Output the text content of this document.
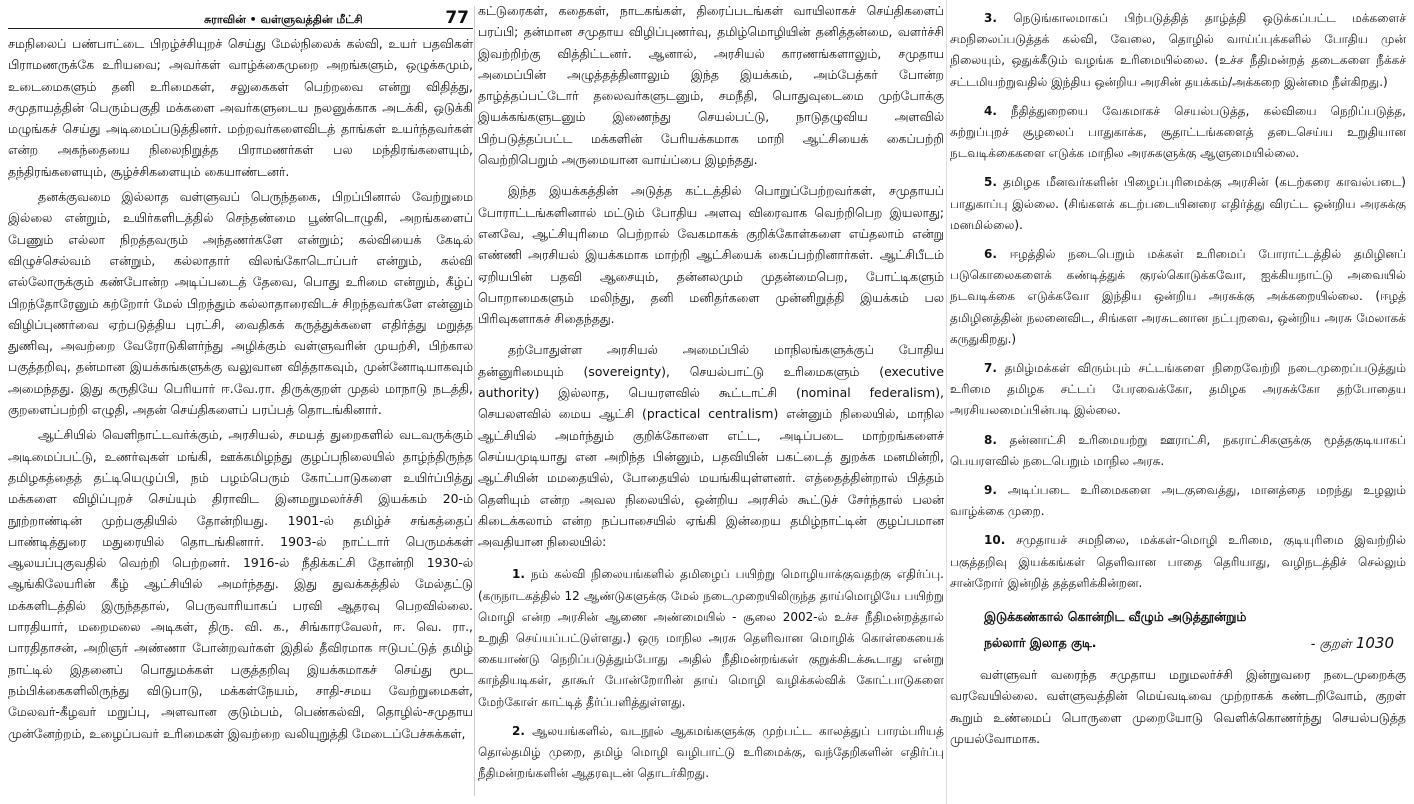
சுராவின் • வள்ளுவத்தின் மீட்சி	77

சமநிலைப் பண்பாட்டை பிறழ்ச்சியுறச் செய்து மேல்நிலைக் கல்வி, உயர் பதவிகள் பிராமணருக்கே உரியவை; அவர்கள் வாழ்க்கைமுறை அறங்களும், ஒழுக்கமும், உடைமைகளும் தனி உரிமைகள், சலுகைகள் பெற்றவை என்று விதித்து, சமுதாயத்தின் பெரும்பகுதி மக்களை அவர்களுடைய நலனுக்காக அடக்கி, ஒடுக்கி மழுங்கச் செய்து அடிமைப்படுத்தினர். மற்றவர்களைவிடத் தாங்கள் உயர்ந்தவர்கள் என்ற அகந்தையை நிலைநிறுத்த பிராமணர்கள் பல மந்திரங்களையும், தந்திரங்களையும், சூழ்ச்சிகளையும் கையாண்டனர்.

தனக்குவமை இல்லாத வள்ளுவப் பெருந்தகை, பிறப்பினால் வேற்றுமை இல்லை என்றும், உயிர்களிடத்தில் செந்தண்மை பூண்டொழுகி, அறங்களைப் பேணும் எல்லா நிறத்தவரும் அந்தணர்களே என்றும்; கல்வியைக் கேடில் விழுச்செல்வம் என்றும், கல்லாதார் விலங்கோடொப்பர் என்றும், கல்வி எல்லோருக்கும் கண்போன்ற அடிப்படைத் தேவை, பொது உரிமை என்றும், கீழ்ப் பிறந்தோரேனும் கற்றோர் மேல் பிறந்தும் கல்லாதாரைவிடச் சிறந்தவர்களே என்னும் விழிப்புணர்வை ஏற்படுத்திய புரட்சி, வைதிகக் கருத்துக்களை எதிர்த்து மறுத்த துணிவு, அவற்றை வேரோடுகிளர்ந்து அழிக்கும் வள்ளுவரின் முயற்சி, பிற்கால பகுத்தறிவு, தன்மான இயக்கங்களுக்கு வலுவான வித்தாகவும், முன்னோடியாகவும் அமைந்தது. இது கருதியே பெரியார் ஈ.வே.ரா. திருக்குறள் முதல் மாநாடு நடத்தி, குறளைப்பற்றி எழுதி, அதன் செய்திகளைப் பரப்பத் தொடங்கினார்.

ஆட்சியில் வெளிநாட்டவர்க்கும், அரசியல், சமயத் துறைகளில் வடவருக்கும் அடிமைப்பட்டு, உணர்வுகள் மங்கி, ஊக்கமிழந்து குழப்பநிலையில் தாழ்ந்திருந்த தமிழகத்தைத் தட்டியெழுப்பி, நம் பழம்பெரும் கோட்பாடுகளை உயிர்ப்பித்து மக்களை விழிப்புறச் செய்யும் திராவிட இனமறுமலர்ச்சி இயக்கம் 20-ம் நூற்றாண்டின் முற்பகுதியில் தோன்றியது. 1901-ல் தமிழ்ச் சங்கத்தைப் பாண்டித்துரை மதுரையில் தொடங்கினார். 1903-ல் நாட்டார் பெருமக்கள் ஆலயப்புகுவதில் வெற்றி பெற்றனர். 1916-ல் நீதிக்கட்சி தோன்றி 1930-ல் ஆங்கிலேயரின் கீழ் ஆட்சியில் அமர்ந்தது. இது துவக்கத்தில் மேல்தட்டு மக்களிடத்தில் இருந்ததால், பெருவாரியாகப் பரவி ஆதரவு பெறவில்லை. பாரதியார், மறைமலை அடிகள், திரு. வி. க., சிங்காரவேலர், ஈ. வெ. ரா., பாரதிதாசன், அறிஞர் அண்ணா போன்றவர்கள் இதில் தீவிரமாக ஈடுபட்டுத் தமிழ் நாட்டில் இதனைப் பொதுமக்கள் பகுத்தறிவு இயக்கமாகச் செய்து மூட நம்பிக்கைகளிலிருந்து விடுபாடு, மக்கள்நேயம், சாதி-சமய வேற்றுமைகள், மேலவர்-கீழவர் மறுப்பு, அளவான குடும்பம், பெண்கல்வி, தொழில்-சமுதாய முன்னேற்றம், உழைப்பவர் உரிமைகள் இவற்றை வலியுறுத்தி மேடைப்பேச்சுக்கள்,

கட்டுரைகள், கதைகள், நாடகங்கள், திரைப்படங்கள் வாயிலாகச் செய்திகளைப் பரப்பி; தன்மான சமுதாய விழிப்புணர்வு, தமிழ்மொழியின் தனித்தன்மை, வளர்ச்சி இவற்றிற்கு வித்திட்டனர். ஆனால், அரசியல் காரணங்களாலும், சமுதாய அமைப்பின் அழுத்தத்தினாலும் இந்த இயக்கம், அம்பேத்கர் போன்ற தாழ்த்தப்பட்டோர் தலைவர்களுடனும், சமநீதி, பொதுவுடைமை முற்போக்கு இயக்கங்களுடனும் இணைந்து செயல்பட்டு, நாடுதழுவிய அளவில் பிற்படுத்தப்பட்ட மக்களின் பேரியக்கமாக மாறி ஆட்சியைக் கைப்பற்றி வெற்றிபெறும் அருமையான வாய்ப்பை இழந்தது.

இந்த இயக்கத்தின் அடுத்த கட்டத்தில் பொறுப்பேற்றவர்கள், சமுதாயப் போராட்டங்களினால் மட்டும் போதிய அளவு விரைவாக வெற்றிபெற இயலாது; எனவே, ஆட்சியுரிமை பெற்றால் வேகமாகக் குறிக்கோள்களை எய்தலாம் என்று எண்ணி அரசியல் இயக்கமாக மாற்றி ஆட்சியைக் கைப்பற்றினார்கள். ஆட்சிபீடம் ஏறியபின் பதவி ஆசையும், தன்னலமும் முதன்மைபெற, போட்டிகளும் பொறாமைகளும் மலிந்து, தனி மனிதர்களை முன்னிறுத்தி இயக்கம் பல பிரிவுகளாகச் சிதைந்தது.

தற்போதுள்ள அரசியல் அமைப்பில் மாநிலங்களுக்குப் போதிய தன்னுரிமையும் (sovereignty), செயல்பாட்டு உரிமைகளும் (executive authority) இல்லாத, பெயரளவில் கூட்டாட்சி (nominal federalism), செயலளவில் மைய ஆட்சி (practical centralism) என்னும் நிலையில், மாநில ஆட்சியில் அமர்ந்தும் குறிக்கோளை எட்ட, அடிப்படை மாற்றங்களைச் செய்யமுடியாது என அறிந்த பின்னும், பதவியின் பகட்டைத் துறக்க மனமின்றி, ஆட்சியின் மமதையில், போதையில் மயங்கியுள்ளனர். எத்தைத்தின்றால் பித்தம் தெளியும் என்ற அவல நிலையில், ஒன்றிய அரசில் கூட்டுச் சேர்ந்தால் பலன் கிடைக்கலாம் என்ற நப்பாசையில் ஏங்கி இன்றைய தமிழ்நாட்டின் குழப்பமான அவதியான நிலையில்:

1. நம் கல்வி நிலையங்களில் தமிழைப் பயிற்று மொழியாக்குவதற்கு எதிர்ப்பு. (கருநாடகத்தில் 12 ஆண்டுகளுக்கு மேல் நடைமுறையிலிருந்த தாய்மொழியே பயிற்று மொழி என்ற அரசின் ஆணை அண்மையில் - சூலை 2002-ல் உச்ச நீதிமன்றத்தால் உறுதி செய்யப்பட்டுள்ளது.) ஒரு மாநில அரசு தெளிவான மொழிக் கொள்கையைக் கையாண்டு நெறிப்படுத்தும்போது அதில் நீதிமன்றங்கள் குறுக்கிடக்கூடாது என்று காந்தியடிகள், தாகூர் போன்றோரின் தாய் மொழி வழிக்கல்விக் கோட்பாடுகளை மேற்கோள் காட்டித் தீர்ப்பளித்துள்ளது.

2. ஆலயங்களில், வடநூல் ஆகமங்களுக்கு முற்பட்ட காலத்துப் பாரம்பரியத் தொல்தமிழ் முறை, தமிழ் மொழி வழிபாட்டு உரிமைக்கு, வந்தேறிகளின் எதிர்ப்பு நீதிமன்றங்களின் ஆதரவுடன் தொடர்கிறது.

3. நெடுங்காலமாகப் பிற்படுத்தித் தாழ்த்தி ஒடுக்கப்பட்ட மக்களைச் சமநிலைப்படுத்தக் கல்வி, வேலை, தொழில் வாய்ப்புக்களில் போதிய முன் நிலையும், ஒதுக்கீடும் வழங்க உரிமையில்லை. (உச்ச நீதிமன்றத் தடைகளை நீக்கச் சட்டமியற்றுவதில் இந்திய ஒன்றிய அரசின் தயக்கம்/அக்கறை இன்மை நீள்கிறது.)

4. நீதித்துறையை வேகமாகச் செயல்படுத்த, கல்வியை நெறிப்படுத்த, சுற்றுப்புறச் சூழலைப் பாதுகாக்க, சூதாட்டங்களைத் தடைசெய்ய உறுதியான நடவடிக்கைகளை எடுக்க மாநில அரசுகளுக்கு ஆளுமையில்லை.

5. தமிழக மீனவர்களின் பிழைப்புரிமைக்கு அரசின் (கடற்கரை காவல்படை) பாதுகாப்பு இல்லை. (சிங்களக் கடற்படையினரை எதிர்த்து விரட்ட ஒன்றிய அரசுக்கு மனமில்லை).

6. ஈழத்தில் நடைபெறும் மக்கள் உரிமைப் போராட்டத்தில் தமிழினப் படுகொலைகளைக் கண்டித்துக் குரல்கொடுக்கவோ, ஐக்கியநாட்டு அவையில் நடவடிக்கை எடுக்கவோ இந்திய ஒன்றிய அரசுக்கு அக்கறையில்லை. (ஈழத் தமிழினத்தின் நலனைவிட, சிங்கள அரசுடனான நட்புறவை, ஒன்றிய அரசு மேலாகக் கருதுகிறது.)

7. தமிழ்மக்கள் விரும்பும் சட்டங்களை நிறைவேற்றி நடைமுறைப்படுத்தும் உரிமை தமிழக சட்டப் பேரவைக்கோ, தமிழக அரசுக்கோ தற்போதைய அரசியலமைப்பின்படி இல்லை.

8. தன்னாட்சி உரிமையற்று ஊராட்சி, நகராட்சிகளுக்கு மூத்தகுடியாகப் பெயரளவில் நடைபெறும் மாநில அரசு.

9. அடிப்படை உரிமைகளை அடகுவைத்து, மானத்தை மறந்து உழலும் வாழ்க்கை முறை.

10. சமுதாயச் சமநிலை, மக்கள்-மொழி உரிமை, குடியுரிமை இவற்றில் பகுத்தறிவு இயக்கங்கள் தெளிவான பாதை தெரியாது, வழிநடத்திச் செல்லும் சான்றோர் இன்றித் தத்தளிக்கின்றன.

இடுக்கண்கால் கொன்றிட வீழும் அடுத்தூன்றும்
நல்லார் இலாத குடி.	- குறள் 1030

வள்ளுவர் வரைந்த சமுதாய மறுமலர்ச்சி இன்றுவரை நடைமுறைக்கு வரவேயில்லை. வள்ளுவத்தின் மெய்வடிவை முற்றாகக் கண்டறிவோம், குறள் கூறும் உண்மைப் பொருளை முறையோடு வெளிக்கொணர்ந்து செயல்படுத்த முயல்வோமாக.
